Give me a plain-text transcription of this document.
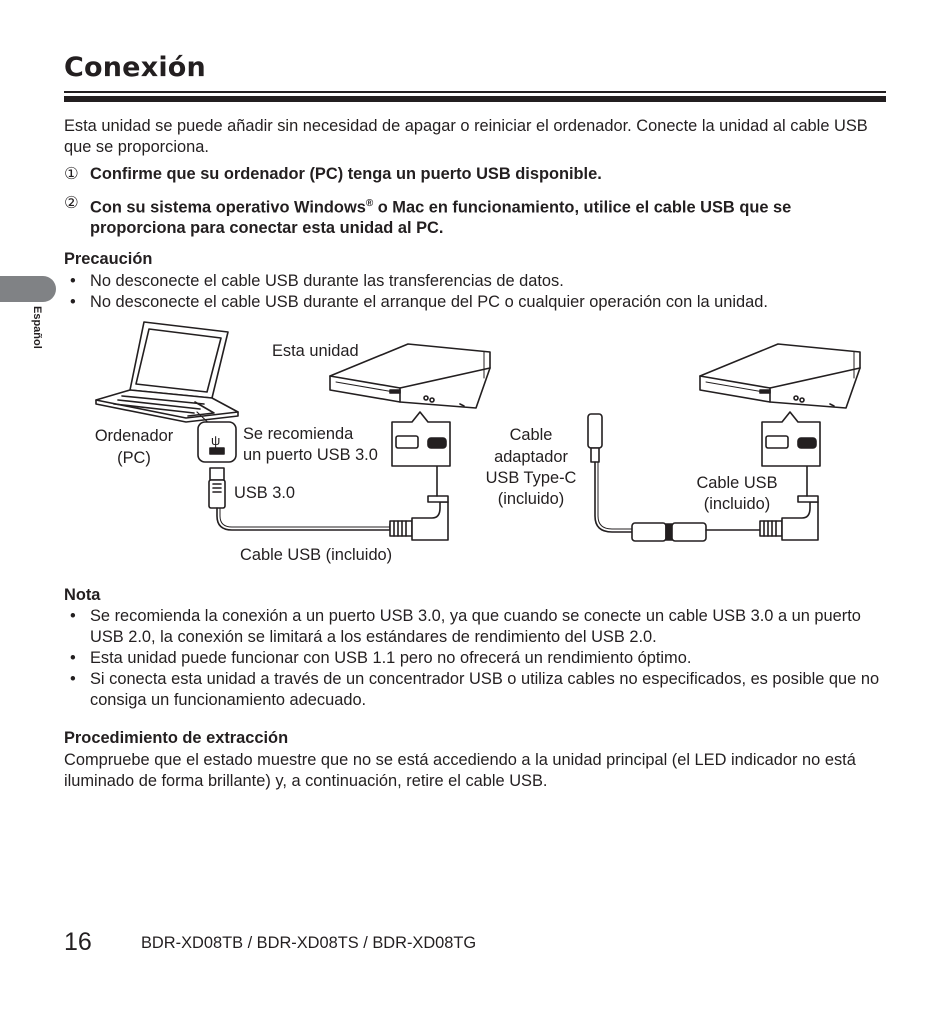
Conexión
Español

Esta unidad se puede añadir sin necesidad de apagar o reiniciar el ordenador. Conecte la unidad al cable USB que se proporciona.

① Confirme que su ordenador (PC) tenga un puerto USB disponible.
② Con su sistema operativo Windows® o Mac en funcionamiento, utilice el cable USB que se proporciona para conectar esta unidad al PC.
Precaución
• No desconecte el cable USB durante las transferencias de datos.
• No desconecte el cable USB durante el arranque del PC o cualquier operación con la unidad.
ψ
Esta unidad
Ordenador
(PC)
Se recomienda
un puerto USB 3.0
USB 3.0
Cable USB (incluido)
Cable
adaptador
USB Type-C
(incluido)
Cable USB
(incluido)
Nota
• Se recomienda la conexión a un puerto USB 3.0, ya que cuando se conecte un cable USB 3.0 a un puerto USB 2.0, la conexión se limitará a los estándares de rendimiento del USB 2.0.
• Esta unidad puede funcionar con USB 1.1 pero no ofrecerá un rendimiento óptimo.
• Si conecta esta unidad a través de un concentrador USB o utiliza cables no especificados, es posible que no consiga un funcionamiento adecuado.
Procedimiento de extracción

Compruebe que el estado muestre que no se está accediendo a la unidad principal (el LED indicador no está iluminado de forma brillante) y, a continuación, retire el cable USB.

16	BDR-XD08TB / BDR-XD08TS / BDR-XD08TG
